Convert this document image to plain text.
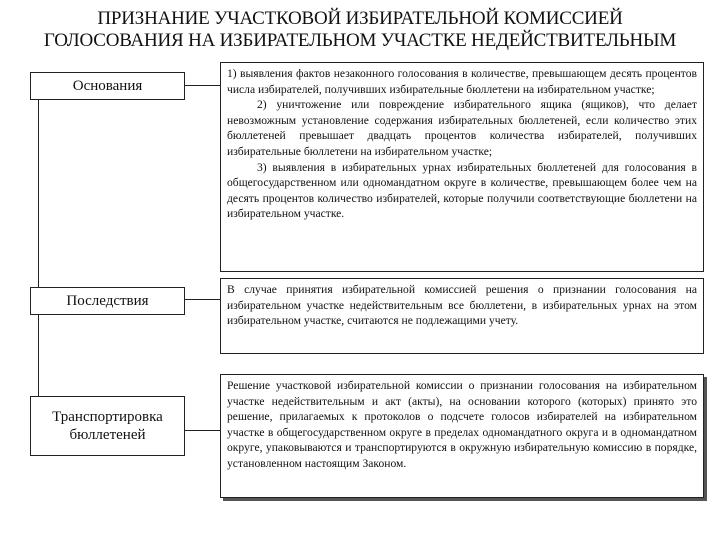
ПРИЗНАНИЕ УЧАСТКОВОЙ ИЗБИРАТЕЛЬНОЙ КОМИССИЕЙ
ГОЛОСОВАНИЯ НА ИЗБИРАТЕЛЬНОМ УЧАСТКЕ НЕДЕЙСТВИТЕЛЬНЫМ
Основания
Последствия
Транспортировка бюллетеней

1) выявления фактов незаконного голосования в количестве, превышающем десять процентов числа избирателей, получивших избирательные бюллетени на избирательном участке;

2) уничтожение или повреждение избирательного ящика (ящиков), что делает невозможным установление содержания избирательных бюллетеней, если количество этих бюллетеней превышает двадцать процентов количества избирателей, получивших избирательные бюллетени на избирательном участке;

3) выявления в избирательных урнах избирательных бюллетеней для голосования в общегосударственном или одномандатном округе в количестве, превышающем более чем на десять процентов количество избирателей, которые получили соответствующие бюллетени на избирательном участке.

В случае принятия избирательной комиссией решения о признании голосования на избирательном участке недействительным все бюллетени, в избирательных урнах на этом избирательном участке, считаются не подлежащими учету.

Решение участковой избирательной комиссии о признании голосования на избирательном участке недействительным и акт (акты), на основании которого (которых) принято это решение, прилагаемых к протоколов о подсчете голосов избирателей на избирательном участке в общегосударственном округе в пределах одномандатного округа и в одномандатном округе, упаковываются и транспортируются в окружную избирательную комиссию в порядке, установленном настоящим Законом.
